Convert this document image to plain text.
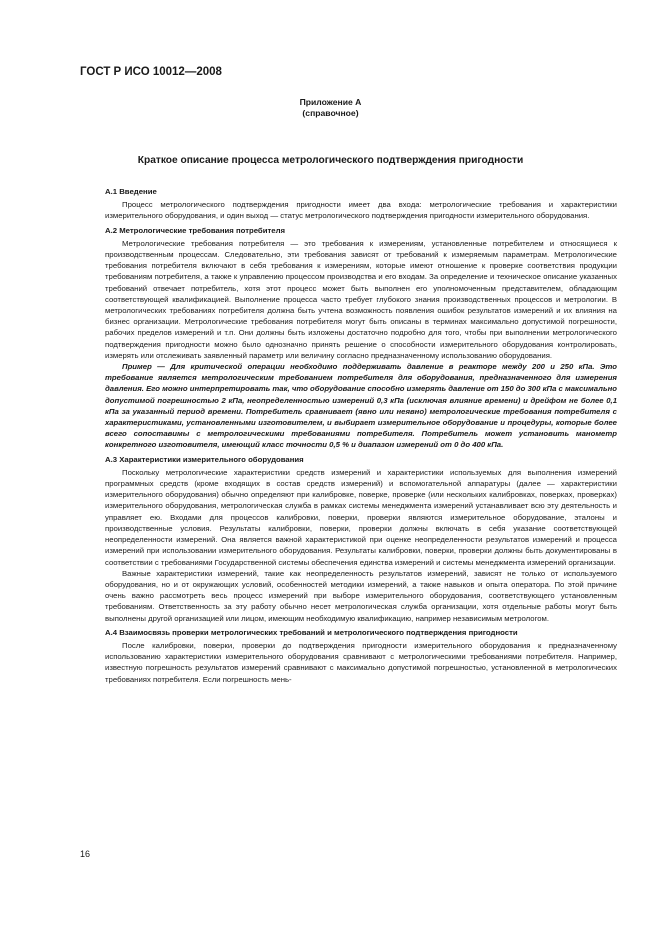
ГОСТ Р ИСО 10012—2008
Приложение А
(справочное)
Краткое описание процесса метрологического подтверждения пригодности
А.1 Введение

Процесс метрологического подтверждения пригодности имеет два входа: метрологические требования и характеристики измерительного оборудования, и один выход — статус метрологического подтверждения пригодности измерительного оборудования.

А.2 Метрологические требования потребителя

Метрологические требования потребителя — это требования к измерениям, установленные потребителем и относящиеся к производственным процессам. Следовательно, эти требования зависят от требований к измеряемым параметрам. Метрологические требования потребителя включают в себя требования к измерениям, которые имеют отношение к проверке соответствия продукции требованиям потребителя, а также к управлению процессом производства и его входам. За определение и техническое описание указанных требований отвечает потребитель, хотя этот процесс может быть выполнен его уполномоченным представителем, обладающим соответствующей квалификацией. Выполнение процесса часто требует глубокого знания производственных процессов и метрологии. В метрологических требованиях потребителя должна быть учтена возможность появления ошибок результатов измерений и их влияния на бизнес организации. Метрологические требования потребителя могут быть описаны в терминах максимально допустимой погрешности, рабочих пределов измерений и т.п. Они должны быть изложены достаточно подробно для того, чтобы при выполнении метрологического подтверждения пригодности можно было однозначно принять решение о способности измерительного оборудования контролировать, измерять или отслеживать заявленный параметр или величину согласно предназначенному использованию оборудования.

Пример — Для критической операции необходимо поддерживать давление в реакторе между 200 и 250 кПа. Это требование является метрологическим требованием потребителя для оборудования, предназначенного для измерения давления. Его можно интерпретировать так, что оборудование способно измерять давление от 150 до 300 кПа с максимально допустимой погрешностью 2 кПа, неопределенностью измерений 0,3 кПа (исключая влияние времени) и дрейфом не более 0,1 кПа за указанный период времени. Потребитель сравнивает (явно или неявно) метрологические требования потребителя с характеристиками, установленными изготовителем, и выбирает измерительное оборудование и процедуры, которые более всего сопоставимы с метрологическими требованиями потребителя. Потребитель может установить манометр конкретного изготовителя, имеющий класс точности 0,5 % и диапазон измерений от 0 до 400 кПа.

А.3 Характеристики измерительного оборудования

Поскольку метрологические характеристики средств измерений и характеристики используемых для выполнения измерений программных средств (кроме входящих в состав средств измерений) и вспомогательной аппаратуры (далее — характеристики измерительного оборудования) обычно определяют при калибровке, поверке, проверке (или нескольких калибровках, поверках, проверках) измерительного оборудования, метрологическая служба в рамках системы менеджмента измерений устанавливает всю эту деятельность и управляет ею. Входами для процессов калибровки, поверки, проверки являются измерительное оборудование, эталоны и производственные условия. Результаты калибровки, поверки, проверки должны включать в себя указание соответствующей неопределенности измерений. Она является важной характеристикой при оценке неопределенности результатов измерений и процесса измерений при использовании измерительного оборудования. Результаты калибровки, поверки, проверки должны быть документированы в соответствии с требованиями Государственной системы обеспечения единства измерений и системы менеджмента измерений организации.

Важные характеристики измерений, такие как неопределенность результатов измерений, зависят не только от используемого оборудования, но и от окружающих условий, особенностей методики измерений, а также навыков и опыта оператора. По этой причине очень важно рассмотреть весь процесс измерений при выборе измерительного оборудования, соответствующего установленным требованиям. Ответственность за эту работу обычно несет метрологическая служба организации, хотя отдельные работы могут быть выполнены другой организацией или лицом, имеющим необходимую квалификацию, например независимым метрологом.

А.4 Взаимосвязь проверки метрологических требований и метрологического подтверждения пригодности

После калибровки, поверки, проверки до подтверждения пригодности измерительного оборудования к предназначенному использованию характеристики измерительного оборудования сравнивают с метрологическими требованиями потребителя. Например, известную погрешность результатов измерений сравнивают с максимально допустимой погрешностью, установленной в метрологических требованиях потребителя. Если погрешность мень-

16
